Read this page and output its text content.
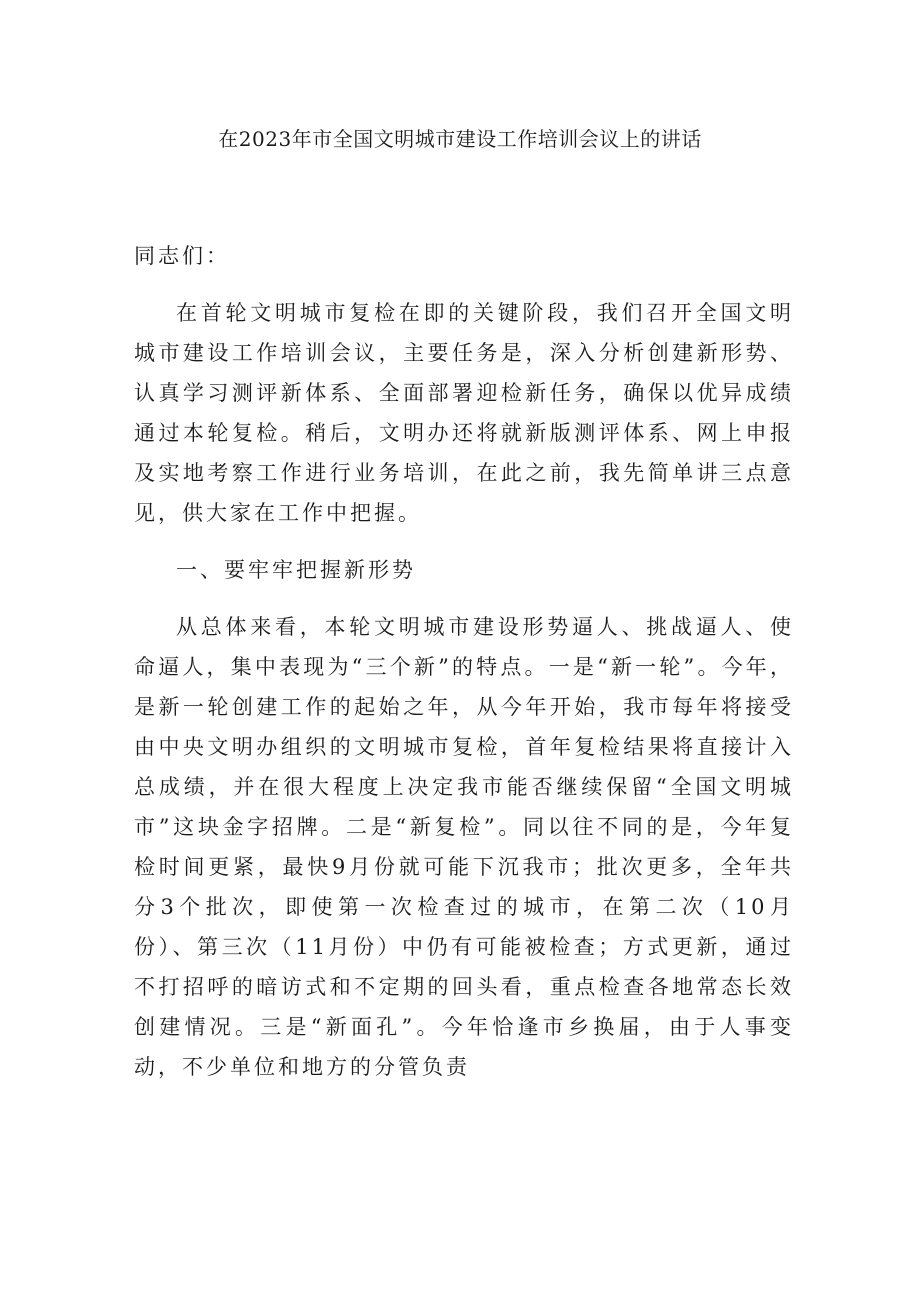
在2023年市全国文明城市建设工作培训会议上的讲话

同志们：

在首轮文明城市复检在即的关键阶段，我们召开全国文明城市建设工作培训会议，主要任务是，深入分析创建新形势、认真学习测评新体系、全面部署迎检新任务，确保以优异成绩通过本轮复检。稍后，文明办还将就新版测评体系、网上申报及实地考察工作进行业务培训，在此之前，我先简单讲三点意见，供大家在工作中把握。

一、要牢牢把握新形势

从总体来看，本轮文明城市建设形势逼人、挑战逼人、使命逼人，集中表现为“三个新”的特点。一是“新一轮”。今年，是新一轮创建工作的起始之年，从今年开始，我市每年将接受由中央文明办组织的文明城市复检，首年复检结果将直接计入总成绩，并在很大程度上决定我市能否继续保留“全国文明城市”这块金字招牌。二是“新复检”。同以往不同的是，今年复检时间更紧，最快9月份就可能下沉我市；批次更多，全年共分3个批次，即使第一次检查过的城市，在第二次（10月份）、第三次（11月份）中仍有可能被检查；方式更新，通过不打招呼的暗访式和不定期的回头看，重点检查各地常态长效创建情况。三是“新面孔”。今年恰逢市乡换届，由于人事变动，不少单位和地方的分管负责
